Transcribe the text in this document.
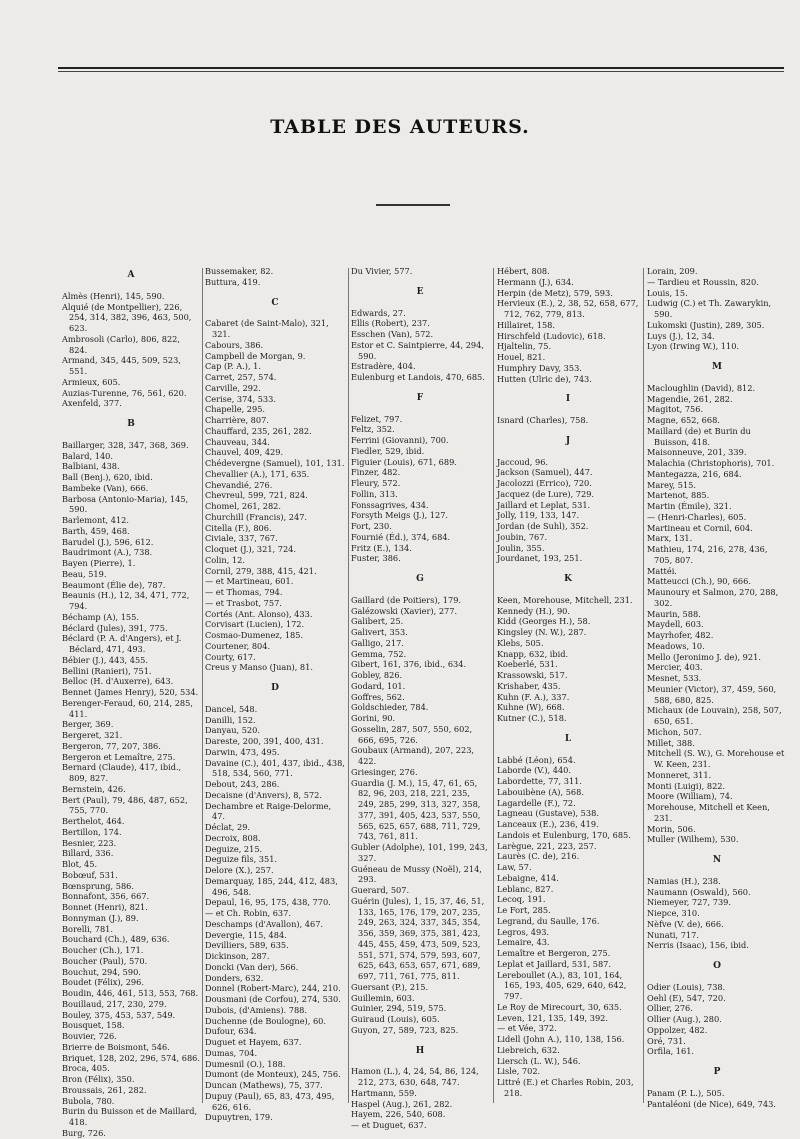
TABLE DES AUTEURS.
A
Almès (Henri), 145, 590.
Alquié (de Montpellier), 226, 254, 314, 382, 396, 463, 500, 623.
Ambrosoli (Carlo), 806, 822, 824.
Armand, 345, 445, 509, 523, 551.
Armieux, 605.
Auzias-Turenne, 76, 561, 620.
Axenfeld, 377.
B
Baillarger, 328, 347, 368, 369.
Balard, 140.
Balbiani, 438.
Ball (Benj.), 620, ibid.
Bambeke (Van), 666.
Barbosa (Antonio-Maria), 145, 590.
Barlemont, 412.
Barth, 459, 468.
Barudel (J.), 596, 612.
Baudrimont (A.), 738.
Bayen (Pierre), 1.
Beau, 519.
Beaumont (Élie de), 787.
Beaunis (H.), 12, 34, 471, 772, 794.
Béchamp (A), 155.
Béclard (Jules), 391, 775.
Béclard (P. A. d'Angers), et J. Béclard, 471, 493.
Bébier (J.), 443, 455.
Bellini (Ranieri), 751.
Belloc (H. d'Auxerre), 643.
Bennet (James Henry), 520, 534.
Berenger-Feraud, 60, 214, 285, 411.
Berger, 369.
Bergeret, 321.
Bergeron, 77, 207, 386.
Bergeron et Lemaître, 275.
Bernard (Claude), 417, ibid., 809, 827.
Bernstein, 426.
Bert (Paul), 79, 486, 487, 652, 755, 770.
Berthelot, 464.
Bertillon, 174.
Besnier, 223.
Billard, 336.
Blot, 45.
Bobœuf, 531.
Bœnsprung, 586.
Bonnafont, 356, 667.
Bonnet (Henri), 821.
Bonnyman (J.), 89.
Borelli, 781.
Bouchard (Ch.), 489, 636.
Boucher (Ch.), 171.
Boucher (Paul), 570.
Bouchut, 294, 590.
Boudet (Félix), 296.
Boudin, 446, 461, 513, 553, 768.
Bouillaud, 217, 230, 279.
Bouley, 375, 453, 537, 549.
Bousquet, 158.
Bouvier, 726.
Brierre de Boismont, 546.
Briquet, 128, 202, 296, 574, 686.
Broca, 405.
Bron (Félix), 350.
Broussais, 261, 282.
Bubola, 780.
Burin du Buisson et de Maillard, 418.
Burg, 726.
Bussemaker, 82.
Buttura, 419.
C
Cabaret (de Saint-Malo), 321, 321.
Cabours, 386.
Campbell de Morgan, 9.
Cap (P. A.), 1.
Carret, 257, 574.
Carville, 292.
Cerise, 374, 533.
Chapelle, 295.
Charrière, 807.
Chauffard, 235, 261, 282.
Chauveau, 344.
Chauvel, 409, 429.
Chédevergne (Samuel), 101, 131.
Chevallier (A.), 171, 635.
Chevandié, 276.
Chevreul, 599, 721, 824.
Chomel, 261, 282.
Churchill (Francis), 247.
Citella (F.), 806.
Civiale, 337, 767.
Cloquet (J.), 321, 724.
Colin, 12.
Cornil, 279, 388, 415, 421.
— et Martineau, 601.
— et Thomas, 794.
— et Trasbot, 757.
Cortés (Ant. Alonso), 433.
Corvisart (Lucien), 172.
Cosmao-Dumenez, 185.
Courtener, 804.
Courty, 617.
Creus y Manso (Juan), 81.
D
Dancel, 548.
Danilli, 152.
Danyau, 520.
Dareste, 200, 391, 400, 431.
Darwin, 473, 495.
Davaine (C.), 401, 437, ibid., 438, 518, 534, 560, 771.
Debout, 243, 286.
Decaisne (d'Anvers), 8, 572.
Dechambre et Raige-Delorme, 47.
Déclat, 29.
Decroix, 808.
Deguize, 215.
Deguize fils, 351.
Delore (X.), 257.
Demarquay, 185, 244, 412, 483, 496, 548.
Depaul, 16, 95, 175, 438, 770.
— et Ch. Robin, 637.
Deschamps (d'Avallon), 467.
Devergie, 115, 484.
Devilliers, 589, 635.
Dickinson, 287.
Doncki (Van der), 566.
Donders, 632.
Donnel (Robert-Marc), 244, 210.
Dousmani (de Corfou), 274, 530.
Dubois, (d'Amiens). 788.
Duchenne (de Boulogne), 60.
Dufour, 634.
Duguet et Hayem, 637.
Dumas, 704.
Dumesnil (O.), 188.
Dumont (de Monteux), 245, 756.
Duncan (Mathews), 75, 377.
Dupuy (Paul), 65, 83, 473, 495, 626, 616.
Dupuytren, 179.
Du Vivier, 577.
E
Edwards, 27.
Ellis (Robert), 237.
Esschen (Van), 572.
Estor et C. Saintpierre, 44, 294, 590.
Estradère, 404.
Eulenburg et Landois, 470, 685.
F
Felizet, 797.
Feltz, 352.
Ferrini (Giovanni), 700.
Fiedler, 529, ibid.
Figuier (Louis), 671, 689.
Finzer, 482.
Fleury, 572.
Follin, 313.
Fonssagrives, 434.
Forsyth Meigs (J.), 127.
Fort, 230.
Fournié (Éd.), 374, 684.
Fritz (E.), 134.
Fuster, 386.
G
Gaillard (de Poitiers), 179.
Galézowski (Xavier), 277.
Galibert, 25.
Galivert, 353.
Galligo, 217.
Gemma, 752.
Gibert, 161, 376, ibid., 634.
Gobley, 826.
Godard, 101.
Goffres, 562.
Goldschieder, 784.
Gorini, 90.
Gosselin, 287, 507, 550, 602, 666, 695, 726.
Goubaux (Armand), 207, 223, 422.
Griesinger, 276.
Guardia (J. M.), 15, 47, 61, 65, 82, 96, 203, 218, 221, 235, 249, 285, 299, 313, 327, 358, 377, 391, 405, 423, 537, 550, 565, 625, 657, 688, 711, 729, 743, 761, 811.
Gubler (Adolphe), 101, 199, 243, 327.
Guéneau de Mussy (Noël), 214, 293.
Guerard, 507.
Guérin (Jules), 1, 15, 37, 46, 51, 133, 165, 176, 179, 207, 235, 249, 263, 324, 337, 345, 354, 356, 359, 369, 375, 381, 423, 445, 455, 459, 473, 509, 523, 551, 571, 574, 579, 593, 607, 625, 643, 653, 657, 671, 689, 697, 711, 761, 775, 811.
Guersant (P.), 215.
Guillemin, 603.
Guinier, 294, 519, 575.
Guiraud (Louis), 605.
Guyon, 27, 589, 723, 825.
H
Hamon (L.), 4, 24, 54, 86, 124, 212, 273, 630, 648, 747.
Hartmann, 559.
Haspel (Aug.), 261, 282.
Hayem, 226, 540, 608.
— et Duguet, 637.
Hébert, 808.
Hermann (J.), 634.
Herpin (de Metz), 579, 593.
Hervieux (E.), 2, 38, 52, 658, 677, 712, 762, 779, 813.
Hillairet, 158.
Hirschfeld (Ludovic), 618.
Hjaltelin, 75.
Houel, 821.
Humphry Davy, 353.
Hutten (Ulric de), 743.
I
Isnard (Charles), 758.
J
Jaccoud, 96.
Jackson (Samuel), 447.
Jacolozzi (Errico), 720.
Jacquez (de Lure), 729.
Jaillard et Leplat, 531.
Jolly, 119, 133, 147.
Jordan (de Suhl), 352.
Joubin, 767.
Joulin, 355.
Jourdanet, 193, 251.
K
Keen, Morehouse, Mitchell, 231.
Kennedy (H.), 90.
Kidd (Georges H.), 58.
Kingsley (N. W.), 287.
Klebs, 505.
Knapp, 632, ibid.
Koeberlé, 531.
Krassowski, 517.
Krishaber, 435.
Kuhn (F. A.), 337.
Kuhne (W), 668.
Kutner (C.), 518.
L
Labbé (Léon), 654.
Laborde (V.), 440.
Labordette, 77, 311.
Labouibène (A), 568.
Lagardelle (F.), 72.
Lagneau (Gustave), 538.
Lanceaux (E.), 236, 419.
Landois et Eulenburg, 170, 685.
Larègue, 221, 223, 257.
Laurès (C. de), 216.
Law, 57.
Lebaigne, 414.
Leblanc, 827.
Lecoq, 191.
Le Fort, 285.
Legrand, du Saulle, 176.
Legros, 493.
Lemaire, 43.
Lemaître et Bergeron, 275.
Leplat et Jaillard, 531, 587.
Lereboullet (A.), 83, 101, 164, 165, 193, 405, 629, 640, 642, 797.
Le Roy de Mirecourt, 30, 635.
Leven, 121, 135, 149, 392.
— et Vée, 372.
Lidell (John A.), 110, 138, 156.
Liebreich, 632.
Liersch (L. W.), 546.
Lisle, 702.
Littré (E.) et Charles Robin, 203, 218.
Lorain, 209.
— Tardieu et Roussin, 820.
Louis, 15.
Ludwig (C.) et Th. Zawarykin, 590.
Lukomski (Justin), 289, 305.
Luys (J.), 12, 34.
Lyon (Irwing W.), 110.
M
Macloughlin (David), 812.
Magendie, 261, 282.
Magitot, 756.
Magne, 652, 668.
Maillard (de) et Burin du Buisson, 418.
Maisonneuve, 201, 339.
Malachia (Christophoris), 701.
Mantegazza, 216, 684.
Marey, 515.
Martenot, 885.
Martin (Émile), 321.
— (Henri-Charles), 605.
Martineau et Cornil, 604.
Marx, 131.
Mathieu, 174, 216, 278, 436, 705, 807.
Mattéi.
Matteucci (Ch.), 90, 666.
Maunoury et Salmon, 270, 288, 302.
Maurin, 588.
Maydell, 603.
Mayrhofer, 482.
Meadows, 10.
Mello (Jeronimo J. de), 921.
Mercier, 403.
Mesnet, 533.
Meunier (Victor), 37, 459, 560, 588, 680, 825.
Michaux (de Louvain), 258, 507, 650, 651.
Michon, 507.
Millet, 388.
Mitchell (S. W.), G. Morehouse et W. Keen, 231.
Monneret, 311.
Monti (Luigi), 822.
Moore (William), 74.
Morehouse, Mitchell et Keen, 231.
Morin, 506.
Muller (Wilhem), 530.
N
Namias (H.), 238.
Naumann (Oswald), 560.
Niemeyer, 727, 739.
Niepce, 310.
Nèfve (V. de), 666.
Nunati, 717.
Nerris (Isaac), 156, ibid.
O
Odier (Louis), 738.
Oehl (E), 547, 720.
Ollier, 276.
Ollier (Aug.), 280.
Oppolzer, 482.
Oré, 731.
Orfila, 161.
P
Panam (P. L.), 505.
Pantaléoni (de Nice), 649, 743.
